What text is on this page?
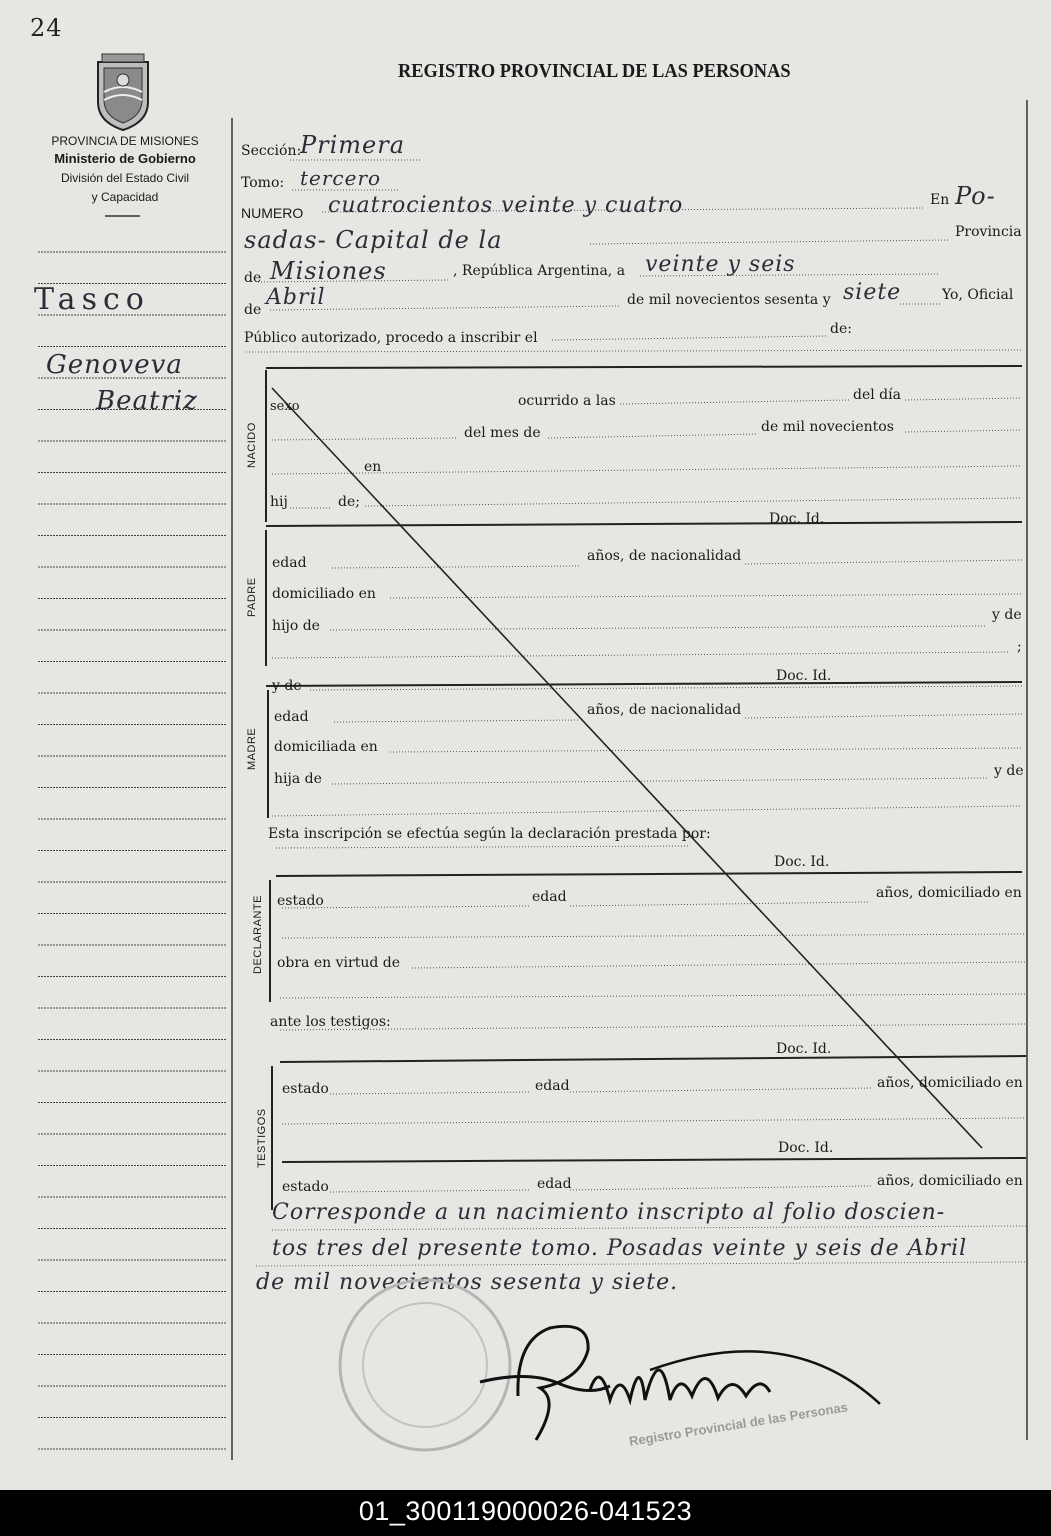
24
PROVINCIA DE MISIONES
Ministerio de Gobierno
División del Estado Civil
y Capacidad
REGISTRO PROVINCIAL DE LAS PERSONAS
Tasco
Genoveva
Beatriz
Sección:
Primera
Tomo: tercero
NUMERO cuatrocientos veinte y cuatro	En Po-
sadas- Capital de la	Provincia
de Misiones	, República Argentina, a veinte y seis
de Abril	de mil novecientos sesenta y siete	Yo, Oficial
Público autorizado, procedo a inscribir el
de:
NACIDO
PADRE
MADRE
DECLARANTE
TESTIGOS
sexo	ocurrido a las	del día
del mes de	de mil novecientos
en
hij	de;
Doc. Id.
edad	años, de nacionalidad
domiciliado en
hijo de
y de
;
Doc. Id.
y de
edad	años, de nacionalidad
domiciliada en
hija de	y de
Esta inscripción se efectúa según la declaración prestada por:
Doc. Id.
estado	edad	años, domiciliado en
obra en virtud de
ante los testigos:
Doc. Id.
estado	edad	años, domiciliado en
Doc. Id.
estado	edad	años, domiciliado en
Corresponde a un nacimiento inscripto al folio doscien-
tos tres del presente tomo. Posadas veinte y seis de Abril
de mil novecientos sesenta y siete.
Registro Provincial de las Personas
01_300119000026-041523
